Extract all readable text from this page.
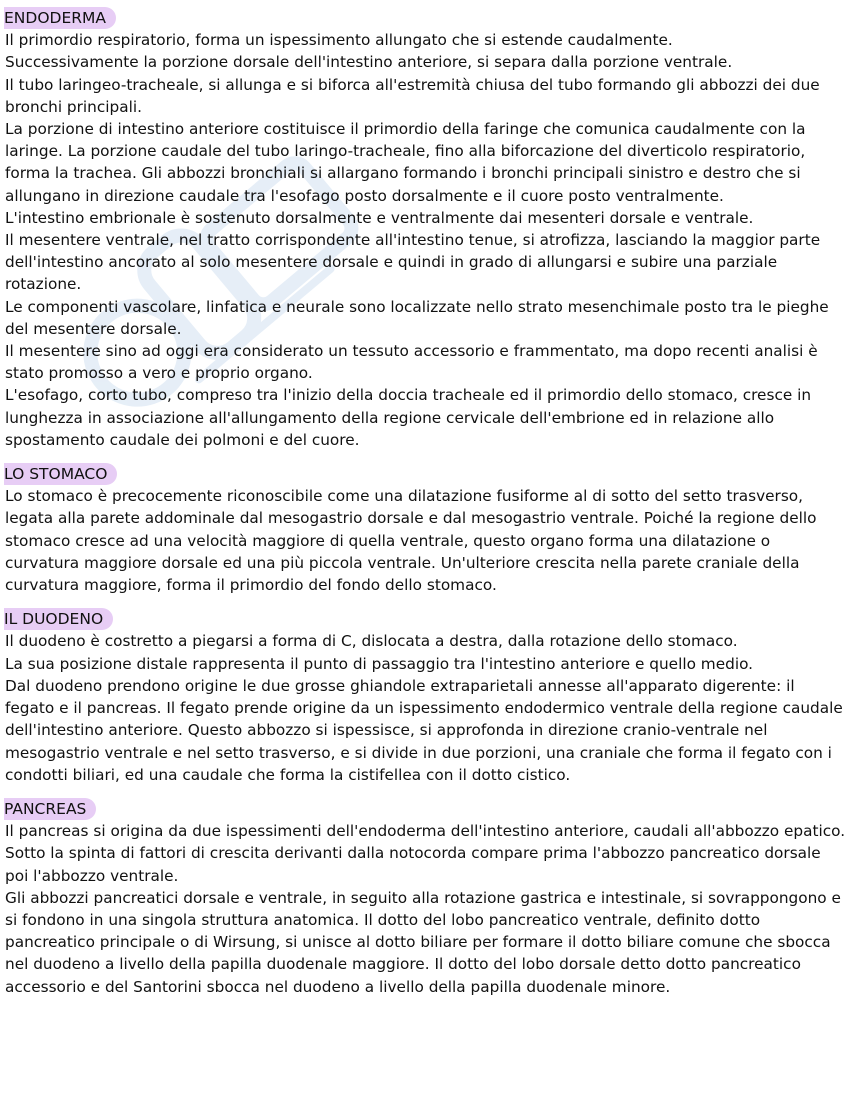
ENDODERMA

Il primordio respiratorio, forma un ispessimento allungato che si estende caudalmente.

Successivamente la porzione dorsale dell'intestino anteriore, si separa dalla porzione ventrale.

Il tubo laringeo-tracheale, si allunga e si biforca all'estremità chiusa del tubo formando gli abbozzi dei due bronchi principali.

La porzione di intestino anteriore costituisce il primordio della faringe che comunica caudalmente con la laringe. La porzione caudale del tubo laringo-tracheale, fino alla biforcazione del diverticolo respiratorio, forma la trachea. Gli abbozzi bronchiali si allargano formando i bronchi principali sinistro e destro che si allungano in direzione caudale tra l'esofago posto dorsalmente e il cuore posto ventralmente.

L'intestino embrionale è sostenuto dorsalmente e ventralmente dai mesenteri dorsale e ventrale.

Il mesentere ventrale, nel tratto corrispondente all'intestino tenue, si atrofizza, lasciando la maggior parte dell'intestino ancorato al solo mesentere dorsale e quindi in grado di allungarsi e subire una parziale rotazione.

Le componenti vascolare, linfatica e neurale sono localizzate nello strato mesenchimale posto tra le pieghe del mesentere dorsale.

Il mesentere sino ad oggi era considerato un tessuto accessorio e frammentato, ma dopo recenti analisi è stato promosso a vero e proprio organo.

L'esofago, corto tubo, compreso tra l'inizio della doccia tracheale ed il primordio dello stomaco, cresce in lunghezza in associazione all'allungamento della regione cervicale dell'embrione ed in relazione allo spostamento caudale dei polmoni e del cuore.

LO STOMACO

Lo stomaco è precocemente riconoscibile come una dilatazione fusiforme al di sotto del setto trasverso, legata alla parete addominale dal mesogastrio dorsale e dal mesogastrio ventrale. Poiché la regione dello stomaco cresce ad una velocità maggiore di quella ventrale, questo organo forma una dilatazione o curvatura maggiore dorsale ed una più piccola ventrale. Un'ulteriore crescita nella parete craniale della curvatura maggiore, forma il primordio del fondo dello stomaco.

IL DUODENO

Il duodeno è costretto a piegarsi a forma di C, dislocata a destra, dalla rotazione dello stomaco.

La sua posizione distale rappresenta il punto di passaggio tra l'intestino anteriore e quello medio.

Dal duodeno prendono origine le due grosse ghiandole extraparietali annesse all'apparato digerente: il fegato e il pancreas. Il fegato prende origine da un ispessimento endodermico ventrale della regione caudale dell'intestino anteriore. Questo abbozzo si ispessisce, si approfonda in direzione cranio-ventrale nel mesogastrio ventrale e nel setto trasverso, e si divide in due porzioni, una craniale che forma il fegato con i condotti biliari, ed una caudale che forma la cistifellea con il dotto cistico.

PANCREAS

Il pancreas si origina da due ispessimenti dell'endoderma dell'intestino anteriore, caudali all'abbozzo epatico. Sotto la spinta di fattori di crescita derivanti dalla notocorda compare prima l'abbozzo pancreatico dorsale poi l'abbozzo ventrale.

Gli abbozzi pancreatici dorsale e ventrale, in seguito alla rotazione gastrica e intestinale, si sovrappongono e si fondono in una singola struttura anatomica. Il dotto del lobo pancreatico ventrale, definito dotto pancreatico principale o di Wirsung, si unisce al dotto biliare per formare il dotto biliare comune che sbocca nel duodeno a livello della papilla duodenale maggiore. Il dotto del lobo dorsale detto dotto pancreatico accessorio e del Santorini sbocca nel duodeno a livello della papilla duodenale minore.
